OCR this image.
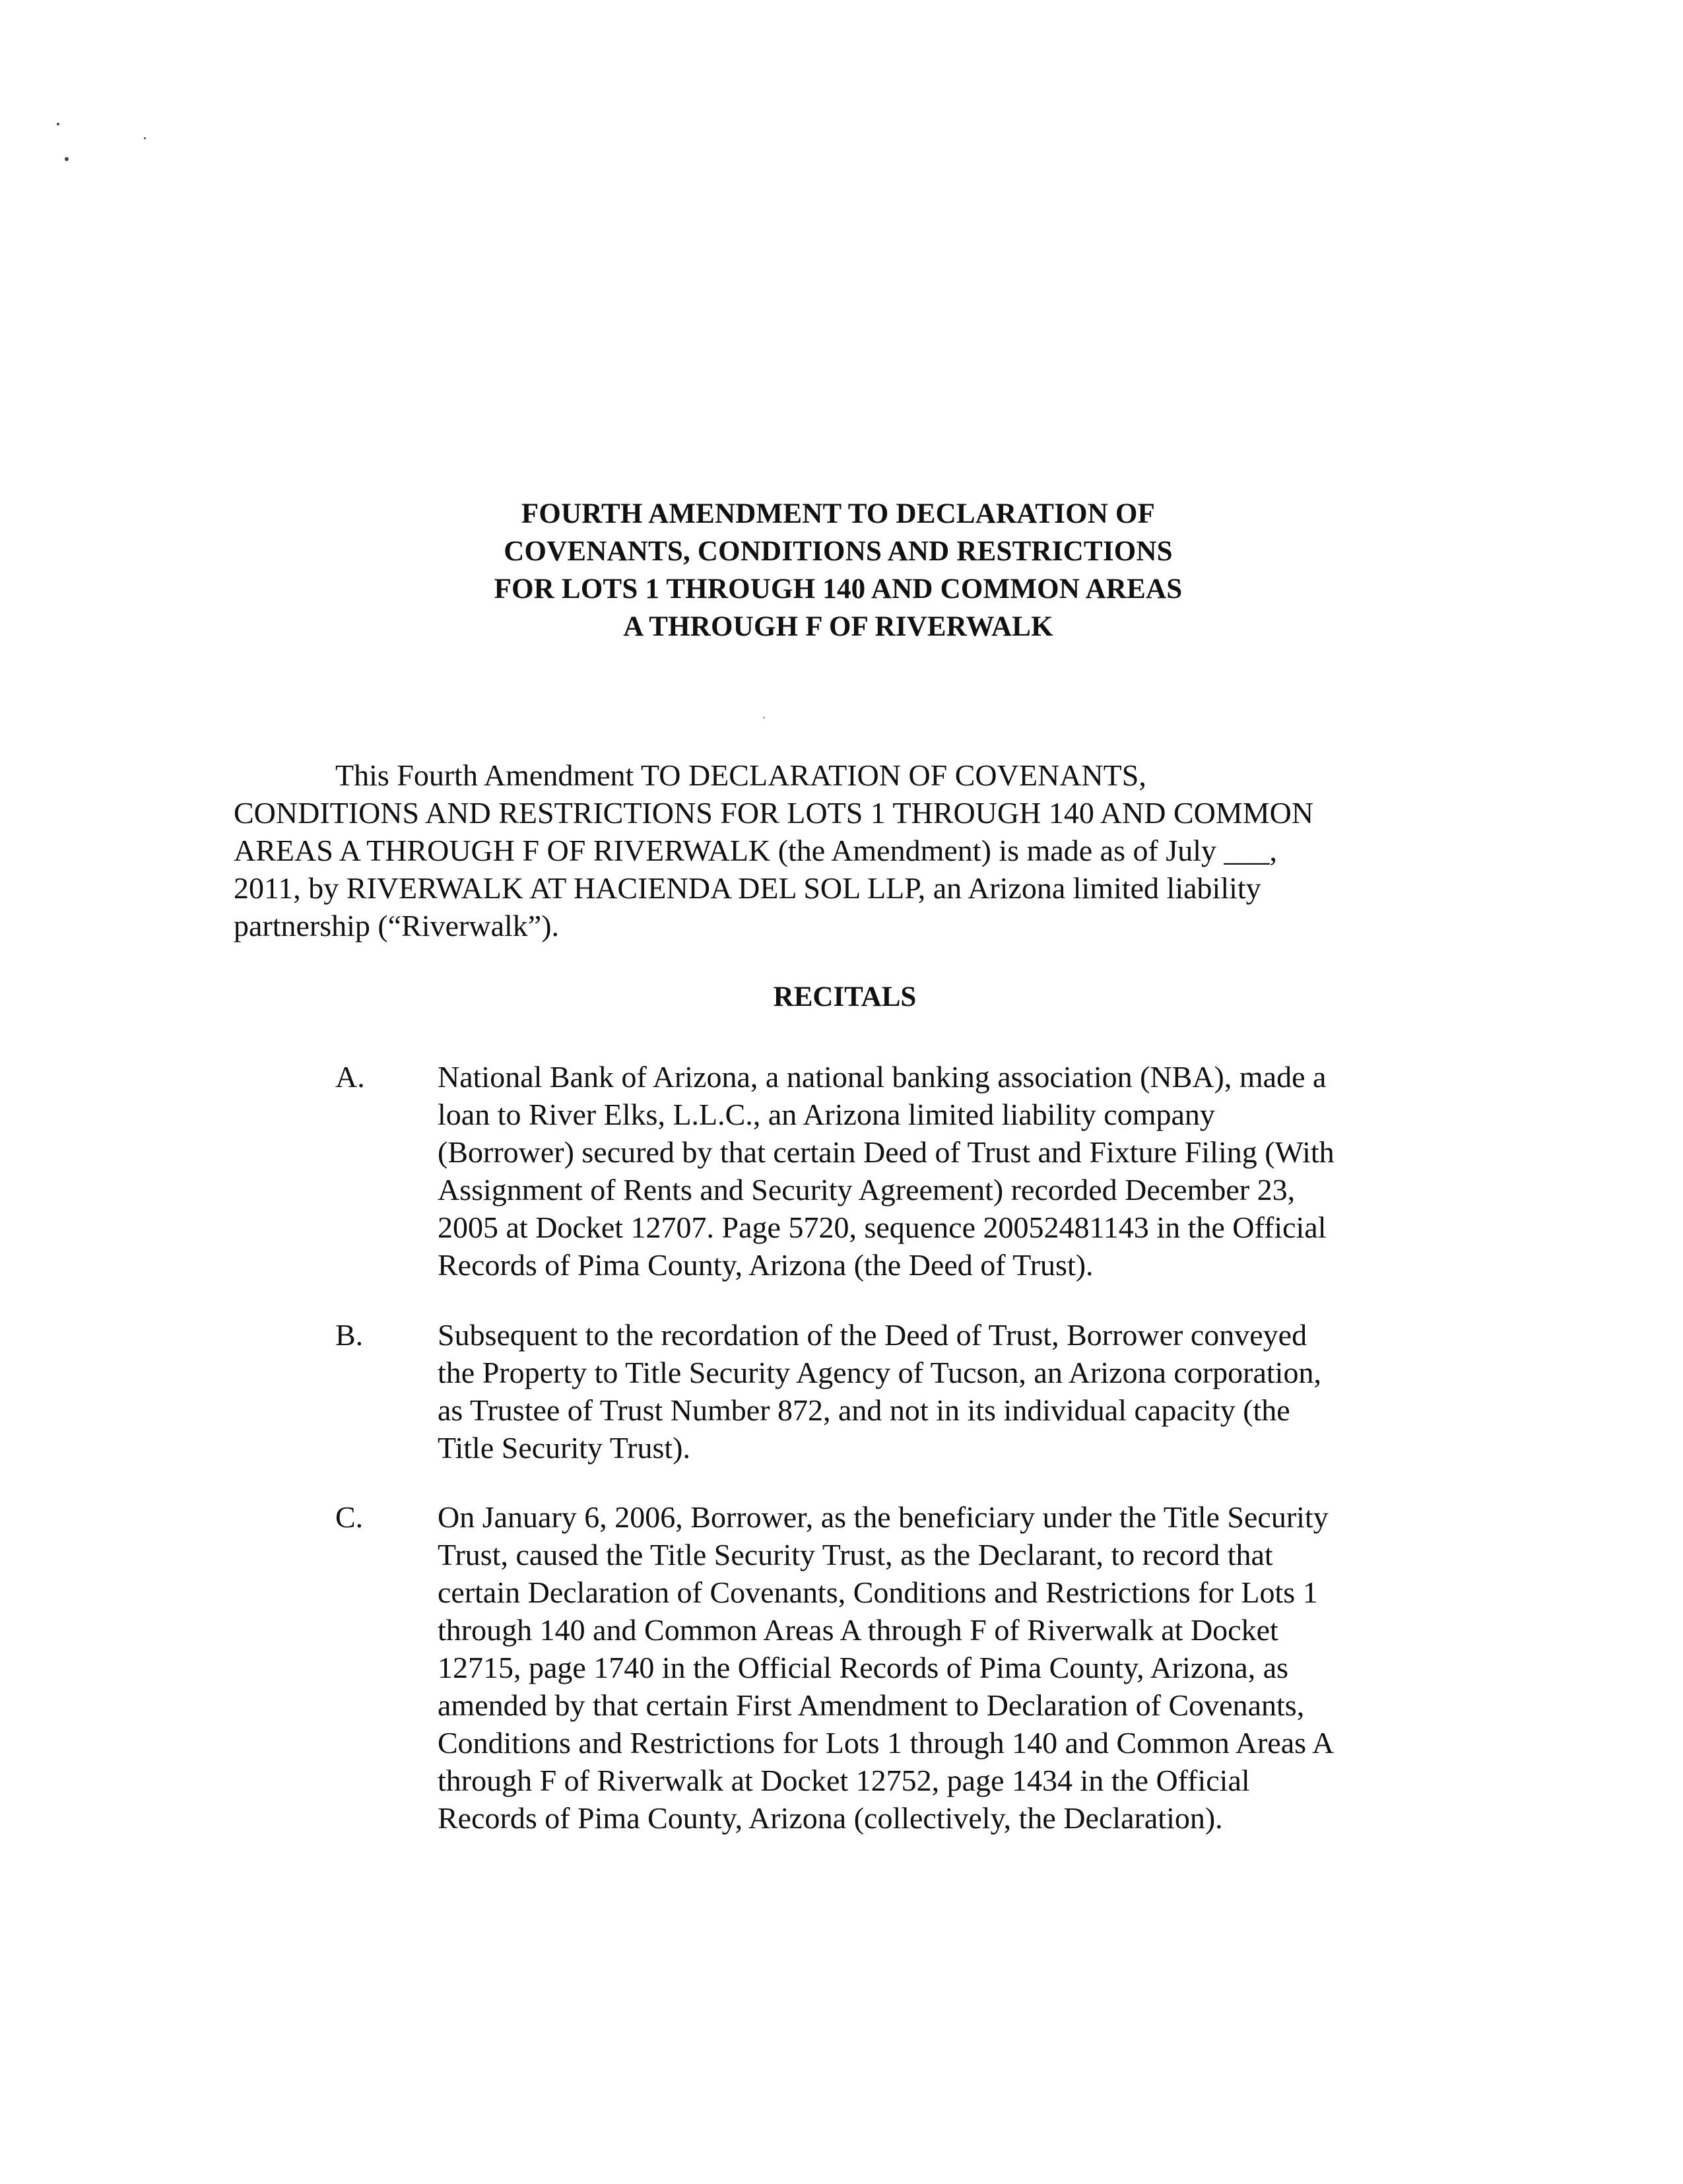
FOURTH AMENDMENT TO DECLARATION OF
COVENANTS, CONDITIONS AND RESTRICTIONS
FOR LOTS 1 THROUGH 140 AND COMMON AREAS
A THROUGH F OF RIVERWALK
This Fourth Amendment TO DECLARATION OF COVENANTS,
CONDITIONS AND RESTRICTIONS FOR LOTS 1 THROUGH 140 AND COMMON
AREAS A THROUGH F OF RIVERWALK (the Amendment) is made as of July ___,
2011, by RIVERWALK AT HACIENDA DEL SOL LLP, an Arizona limited liability
partnership (“Riverwalk”).
RECITALS
A. National Bank of Arizona, a national banking association (NBA), made a
loan to River Elks, L.L.C., an Arizona limited liability company
(Borrower) secured by that certain Deed of Trust and Fixture Filing (With
Assignment of Rents and Security Agreement) recorded December 23,
2005 at Docket 12707. Page 5720, sequence 20052481143 in the Official
Records of Pima County, Arizona (the Deed of Trust).
B. Subsequent to the recordation of the Deed of Trust, Borrower conveyed
the Property to Title Security Agency of Tucson, an Arizona corporation,
as Trustee of Trust Number 872, and not in its individual capacity (the
Title Security Trust).
C. On January 6, 2006, Borrower, as the beneficiary under the Title Security
Trust, caused the Title Security Trust, as the Declarant, to record that
certain Declaration of Covenants, Conditions and Restrictions for Lots 1
through 140 and Common Areas A through F of Riverwalk at Docket
12715, page 1740 in the Official Records of Pima County, Arizona, as
amended by that certain First Amendment to Declaration of Covenants,
Conditions and Restrictions for Lots 1 through 140 and Common Areas A
through F of Riverwalk at Docket 12752, page 1434 in the Official
Records of Pima County, Arizona (collectively, the Declaration).
